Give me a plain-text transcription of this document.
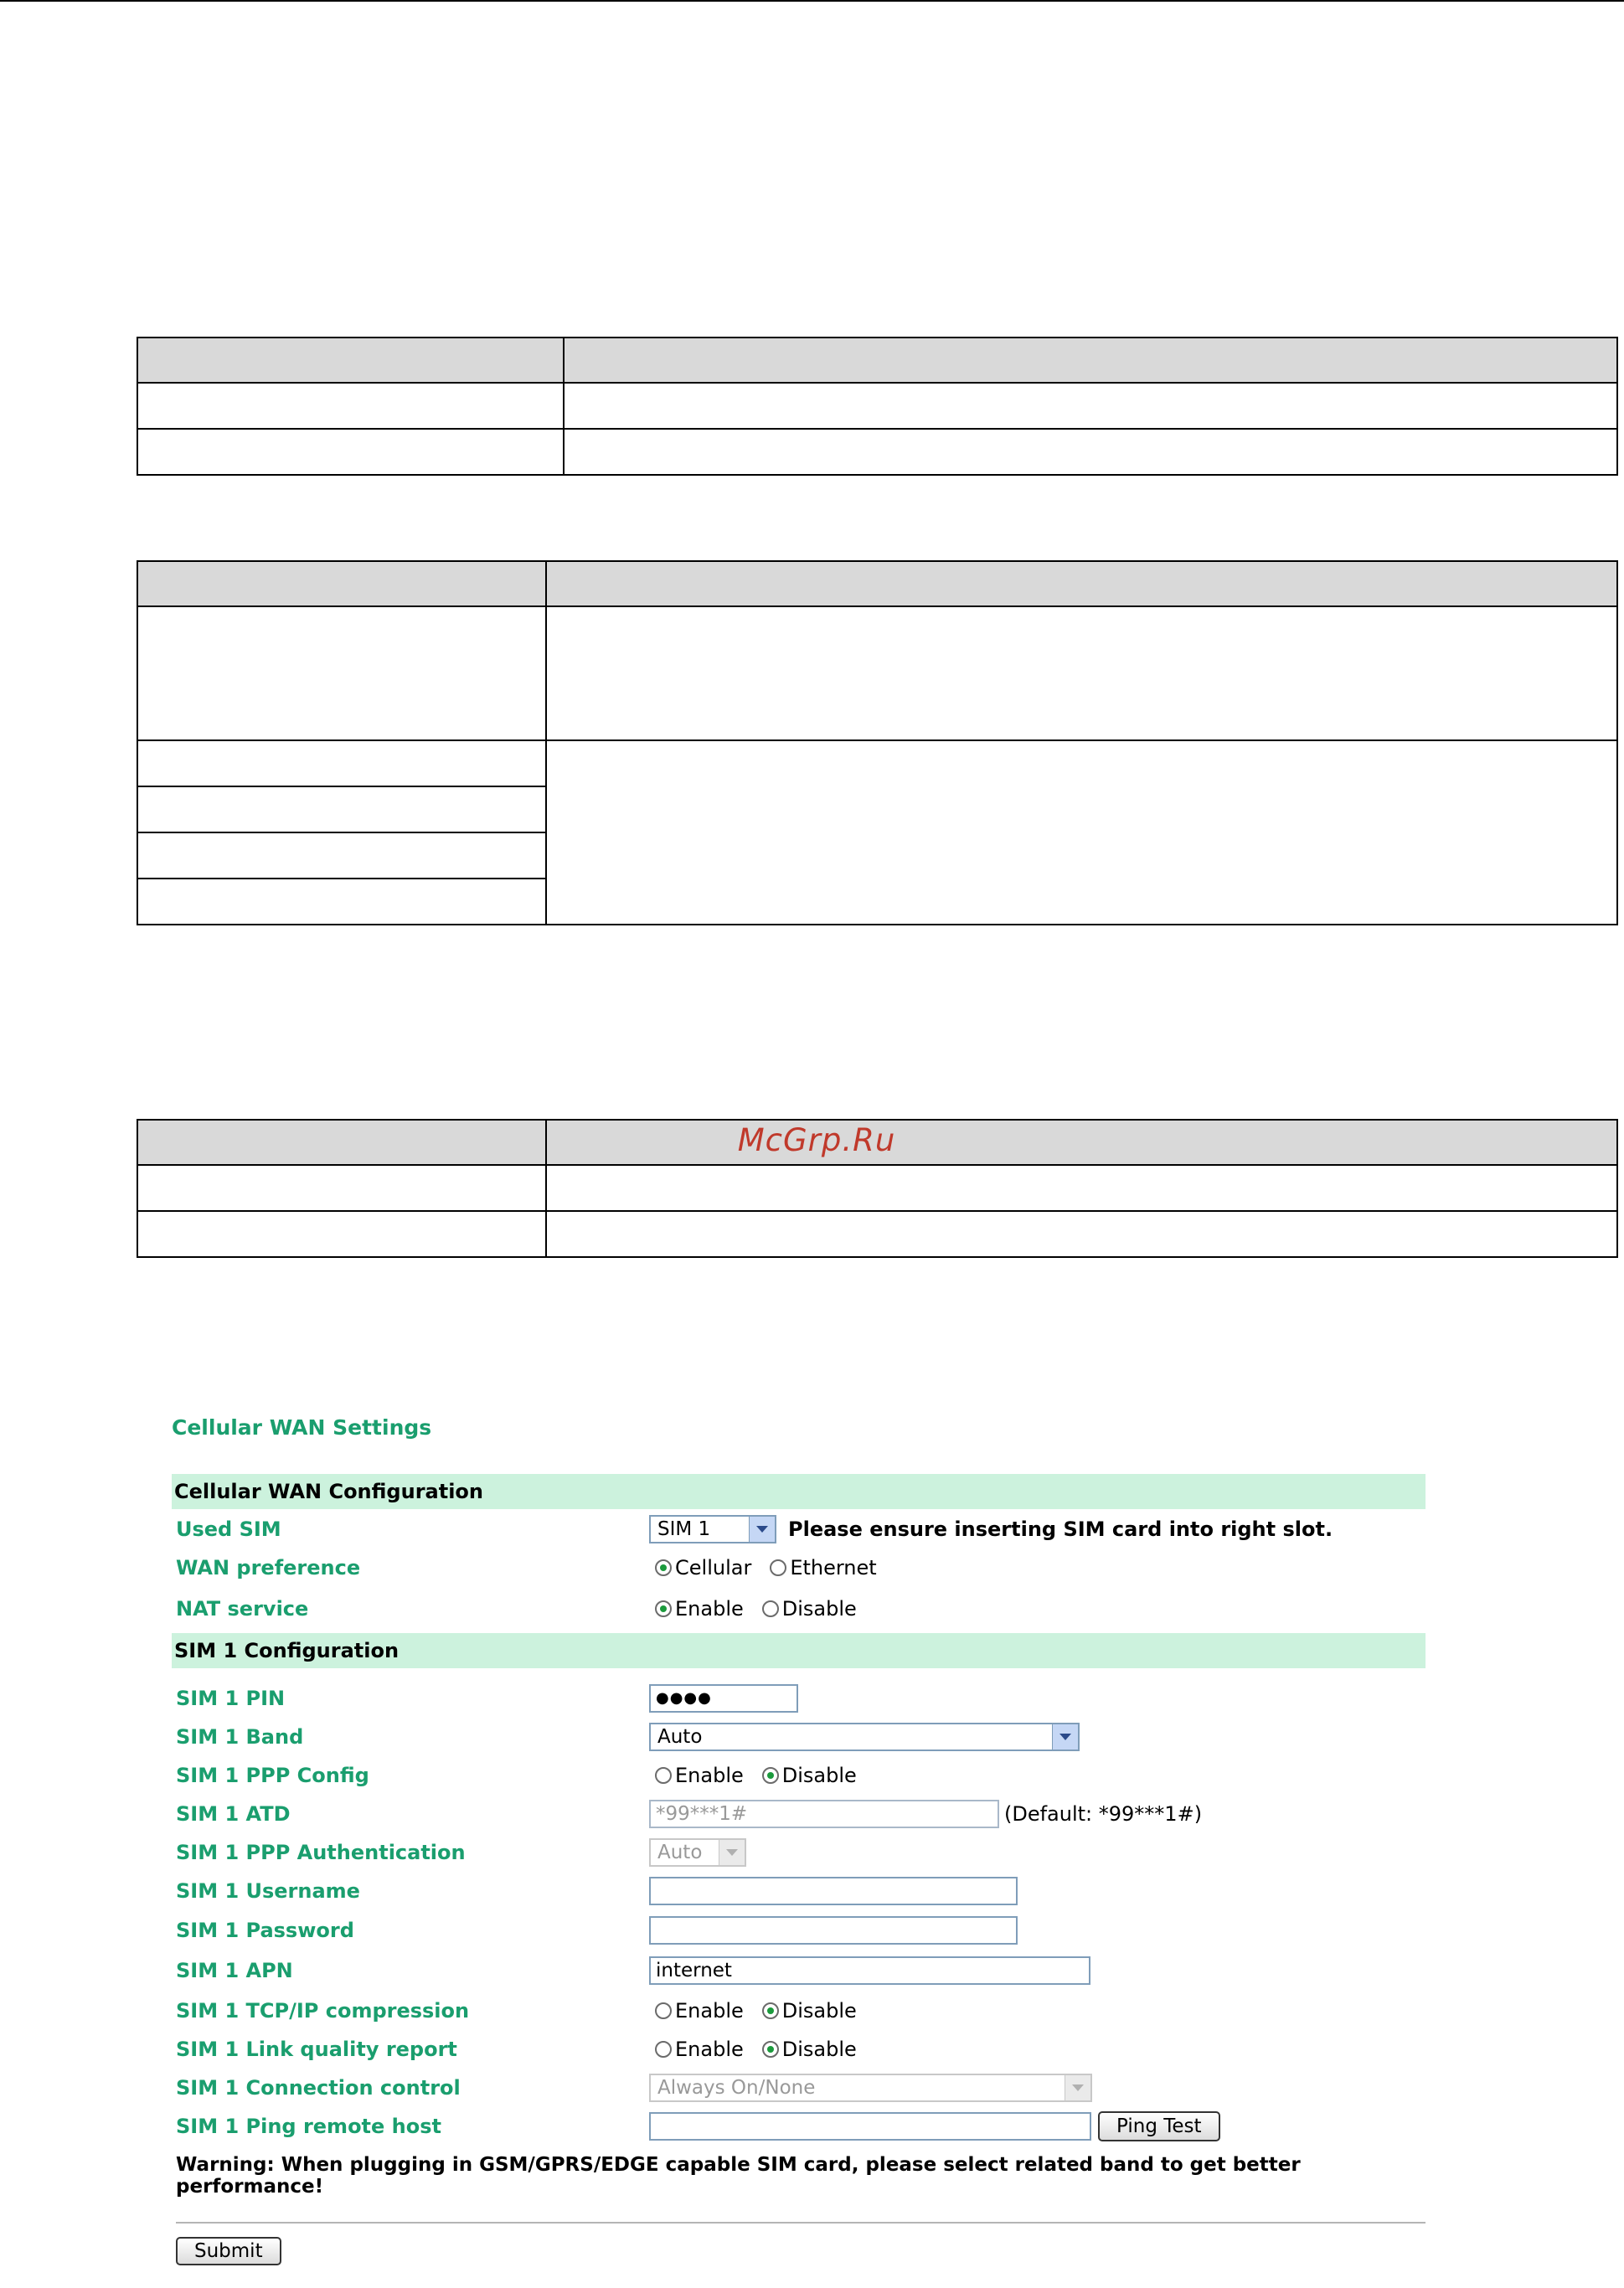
McGrp.Ru
Cellular WAN Settings
Cellular WAN Configuration
Used SIM	SIM 1	Please ensure inserting SIM card into right slot.
WAN preference	Cellular Ethernet
NAT service	Enable Disable
SIM 1 Configuration
SIM 1 PIN	●●●●
SIM 1 Band	Auto
SIM 1 PPP Config	Enable Disable
SIM 1 ATD	*99***1#	(Default: *99***1#)
SIM 1 PPP Authentication	Auto
SIM 1 Username
SIM 1 Password
SIM 1 APN	internet
SIM 1 TCP/IP compression	Enable Disable
SIM 1 Link quality report	Enable Disable
SIM 1 Connection control	Always On/None
SIM 1 Ping remote host	Ping Test
Warning: When plugging in GSM/GPRS/EDGE capable SIM card, please select related band to get better performance!
Submit
